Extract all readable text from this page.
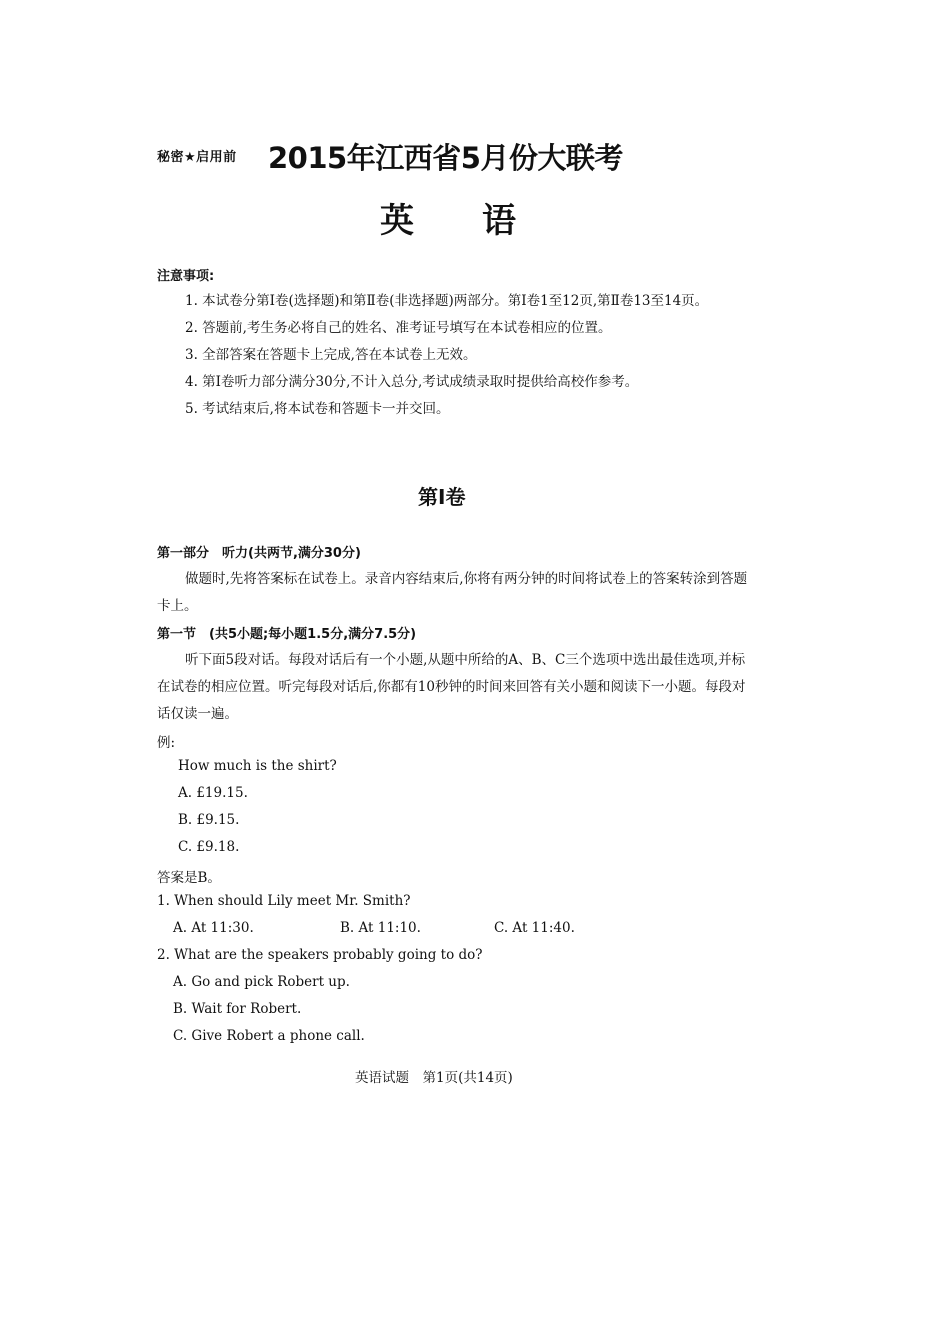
秘密★启用前 2015年江西省5月份大联考
英语
注意事项:
1. 本试卷分第Ⅰ卷(选择题)和第Ⅱ卷(非选择题)两部分。第Ⅰ卷1至12页,第Ⅱ卷13至14页。
2. 答题前,考生务必将自己的姓名、准考证号填写在本试卷相应的位置。
3. 全部答案在答题卡上完成,答在本试卷上无效。
4. 第Ⅰ卷听力部分满分30分,不计入总分,考试成绩录取时提供给高校作参考。
5. 考试结束后,将本试卷和答题卡一并交回。
第Ⅰ卷
第一部分　听力(共两节,满分30分)
做题时,先将答案标在试卷上。录音内容结束后,你将有两分钟的时间将试卷上的答案转涂到答题卡上。
第一节　(共5小题;每小题1.5分,满分7.5分)
听下面5段对话。每段对话后有一个小题,从题中所给的A、B、C三个选项中选出最佳选项,并标在试卷的相应位置。听完每段对话后,你都有10秒钟的时间来回答有关小题和阅读下一小题。每段对话仅读一遍。
例:
How much is the shirt?
A. £19.15.
B. £9.15.
C. £9.18.
答案是B。
1. When should Lily meet Mr. Smith?
A. At 11:30.	B. At 11:10.	C. At 11:40.
2. What are the speakers probably going to do?
A. Go and pick Robert up.
B. Wait for Robert.
C. Give Robert a phone call.
英语试题　第1页(共14页)
